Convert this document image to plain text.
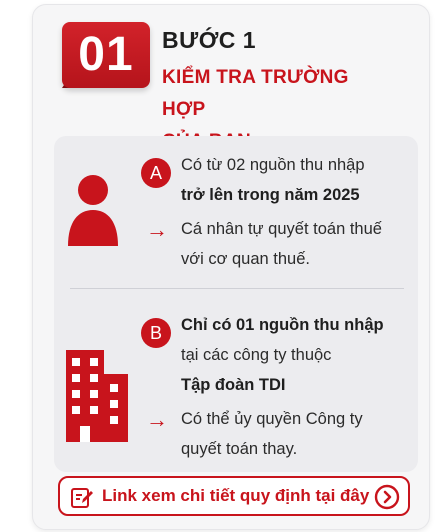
01	BƯỚC 1
KIỂM TRA TRƯỜNG HỢP
A	Có từ 02 nguồn thu nhập
trở lên trong năm 2025
→ Cá nhân tự quyết toán thuế
với cơ quan thuế.
B	Chỉ có 01 nguồn thu nhập
tại các công ty thuộc
Tập đoàn TDI
→ Có thể ủy quyền Công ty
quyết toán thay.
Link xem chi tiết quy định tại đây
